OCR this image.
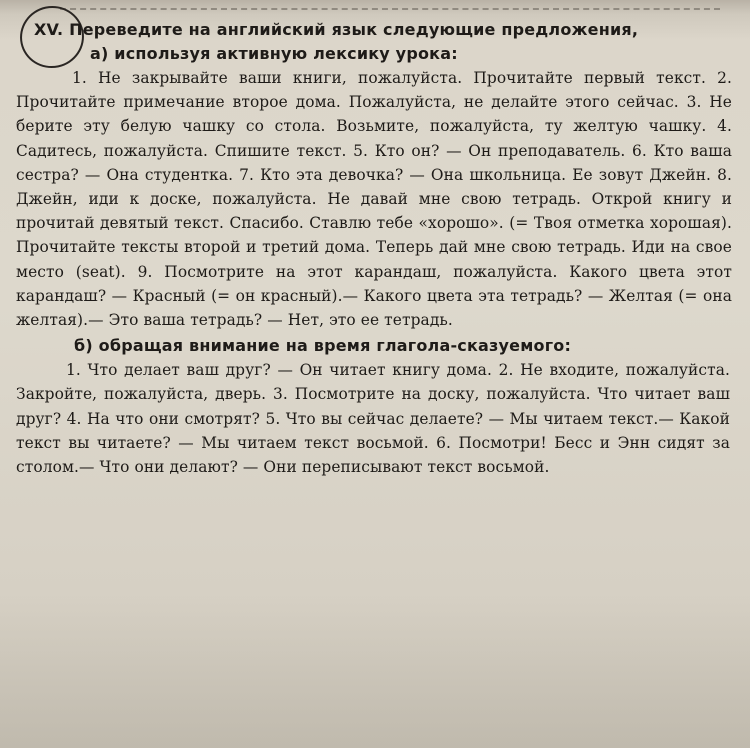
XV. Переведите на английский язык следующие предложения,
а) используя активную лексику урока:

1. Не закрывайте ваши книги, пожалуйста. Прочитайте первый текст. 2. Прочитайте примечание второе дома. Пожалуйста, не делайте этого сейчас. 3. Не берите эту белую чашку со стола. Возьмите, пожалуйста, ту желтую чашку. 4. Садитесь, пожалуйста. Спишите текст. 5. Кто он? — Он преподаватель. 6. Кто ваша сестра? — Она студентка. 7. Кто эта девочка? — Она школьница. Ее зовут Джейн. 8. Джейн, иди к доске, пожалуйста. Не давай мне свою тетрадь. Открой книгу и прочитай девятый текст. Спасибо. Ставлю тебе «хорошо». (= Твоя отметка хорошая). Прочитайте тексты второй и третий дома. Теперь дай мне свою тетрадь. Иди на свое место (seat). 9. Посмотрите на этот карандаш, пожалуйста. Какого цвета этот карандаш? — Красный (= он красный).— Какого цвета эта тетрадь? — Желтая (= она желтая).— Это ваша тетрадь? — Нет, это ее тетрадь.

б) обращая внимание на время глагола-сказуемого:

1. Что делает ваш друг? — Он читает книгу дома. 2. Не входите, пожалуйста. Закройте, пожалуйста, дверь. 3. Посмотрите на доску, пожалуйста. Что читает ваш друг? 4. На что они смотрят? 5. Что вы сейчас делаете? — Мы читаем текст.— Какой текст вы читаете? — Мы читаем текст восьмой. 6. Посмотри! Бесс и Энн сидят за столом.— Что они делают? — Они переписывают текст восьмой.
